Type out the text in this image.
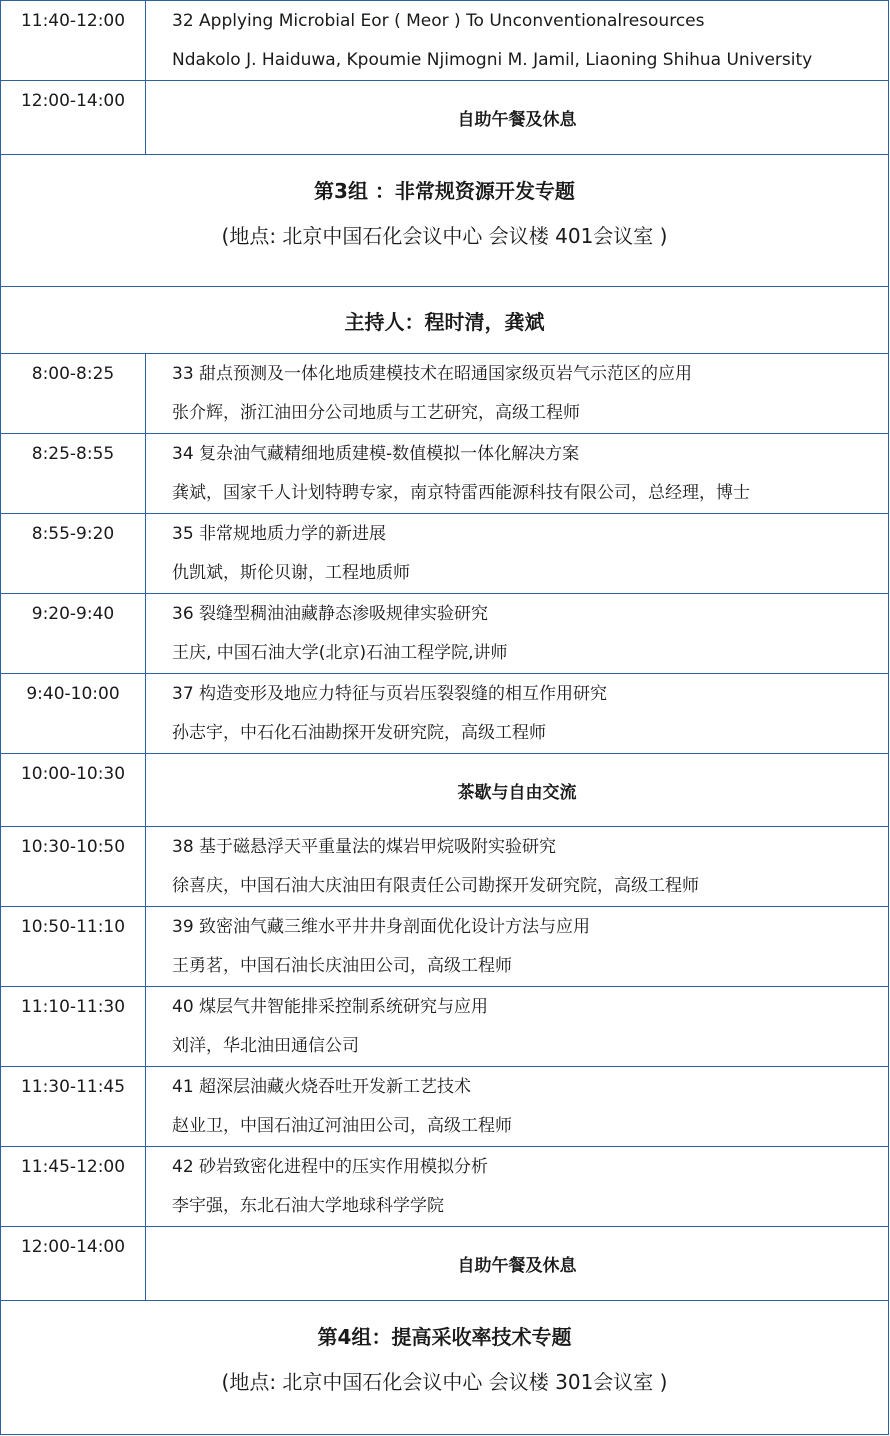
11:40-12:00	32 Applying Microbial Eor ( Meor ) To Unconventionalresources
Ndakolo J. Haiduwa, Kpoumie Njimogni M. Jamil, Liaoning Shihua University

12:00-14:00	自助午餐及休息

第3组 ：非常规资源开发专题
(地点: 北京中国石化会议中心 会议楼 401会议室 )	

主持人：程时清，龚斌	

8:00-8:25	33 甜点预测及一体化地质建模技术在昭通国家级页岩气示范区的应用
张介辉，浙江油田分公司地质与工艺研究，高级工程师

8:25-8:55	34 复杂油气藏精细地质建模-数值模拟一体化解决方案
龚斌，国家千人计划特聘专家，南京特雷西能源科技有限公司，总经理，博士

8:55-9:20	35 非常规地质力学的新进展
仇凯斌，斯伦贝谢，工程地质师

9:20-9:40	36 裂缝型稠油油藏静态渗吸规律实验研究
王庆, 中国石油大学(北京)石油工程学院,讲师

9:40-10:00	37 构造变形及地应力特征与页岩压裂裂缝的相互作用研究
孙志宇，中石化石油勘探开发研究院，高级工程师

10:00-10:30	茶歇与自由交流

10:30-10:50	38 基于磁悬浮天平重量法的煤岩甲烷吸附实验研究
徐喜庆，中国石油大庆油田有限责任公司勘探开发研究院，高级工程师

10:50-11:10	39 致密油气藏三维水平井井身剖面优化设计方法与应用
王勇茗，中国石油长庆油田公司，高级工程师

11:10-11:30	40 煤层气井智能排采控制系统研究与应用
刘洋，华北油田通信公司

11:30-11:45	41 超深层油藏火烧吞吐开发新工艺技术
赵业卫，中国石油辽河油田公司，高级工程师

11:45-12:00	42 砂岩致密化进程中的压实作用模拟分析
李宇强，东北石油大学地球科学学院

12:00-14:00	自助午餐及休息

第4组：提高采收率技术专题
(地点: 北京中国石化会议中心 会议楼 301会议室 )	
